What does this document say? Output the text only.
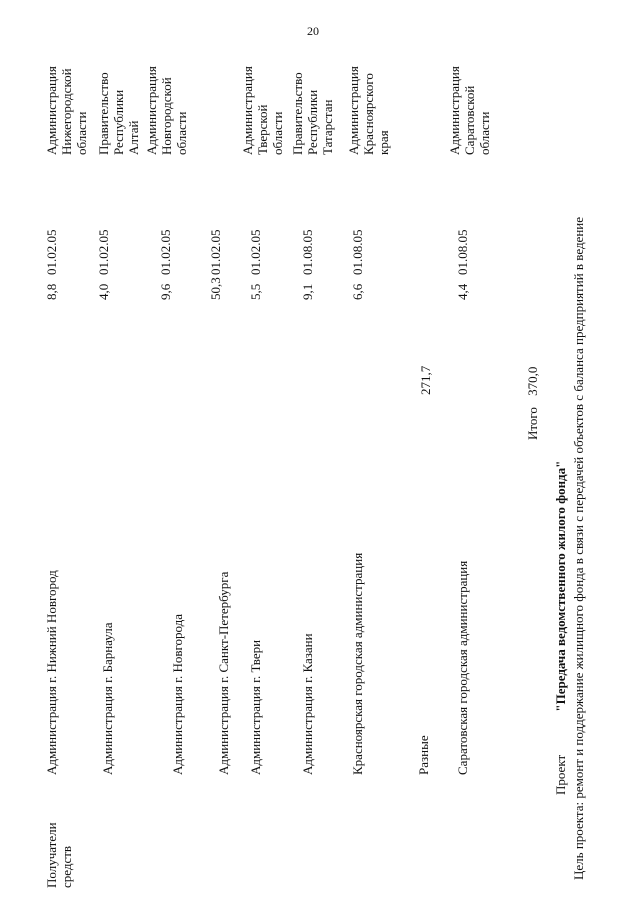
20
Получатели средств
Администрация г. Нижний Новгород
8,8
01.02.05
Администрация Нижегородской области
Администрация г. Барнаула
4,0
01.02.05
Правительство Республики Алтай
Администрация г. Новгорода
9,6
01.02.05
Администрация Новгородской области
Администрация г. Санкт-Петербурга
50,3
01.02.05
Администрация г. Твери
5,5
01.02.05
Администрация Тверской области
Администрация г. Казани
9,1
01.08.05
Правительство Республики Татарстан
Красноярская городская администрация
6,6
01.08.05
Администрация Красноярского края
Разные
271,7
Саратовская городская администрация
4,4
01.08.05
Администрация Саратовской области
Итого 370,0
Проект "Передача ведомственного жилого фонда" Цель проекта: ремонт и поддержание жилищного фонда в связи с передачей объектов с баланса предприятий в ведение
